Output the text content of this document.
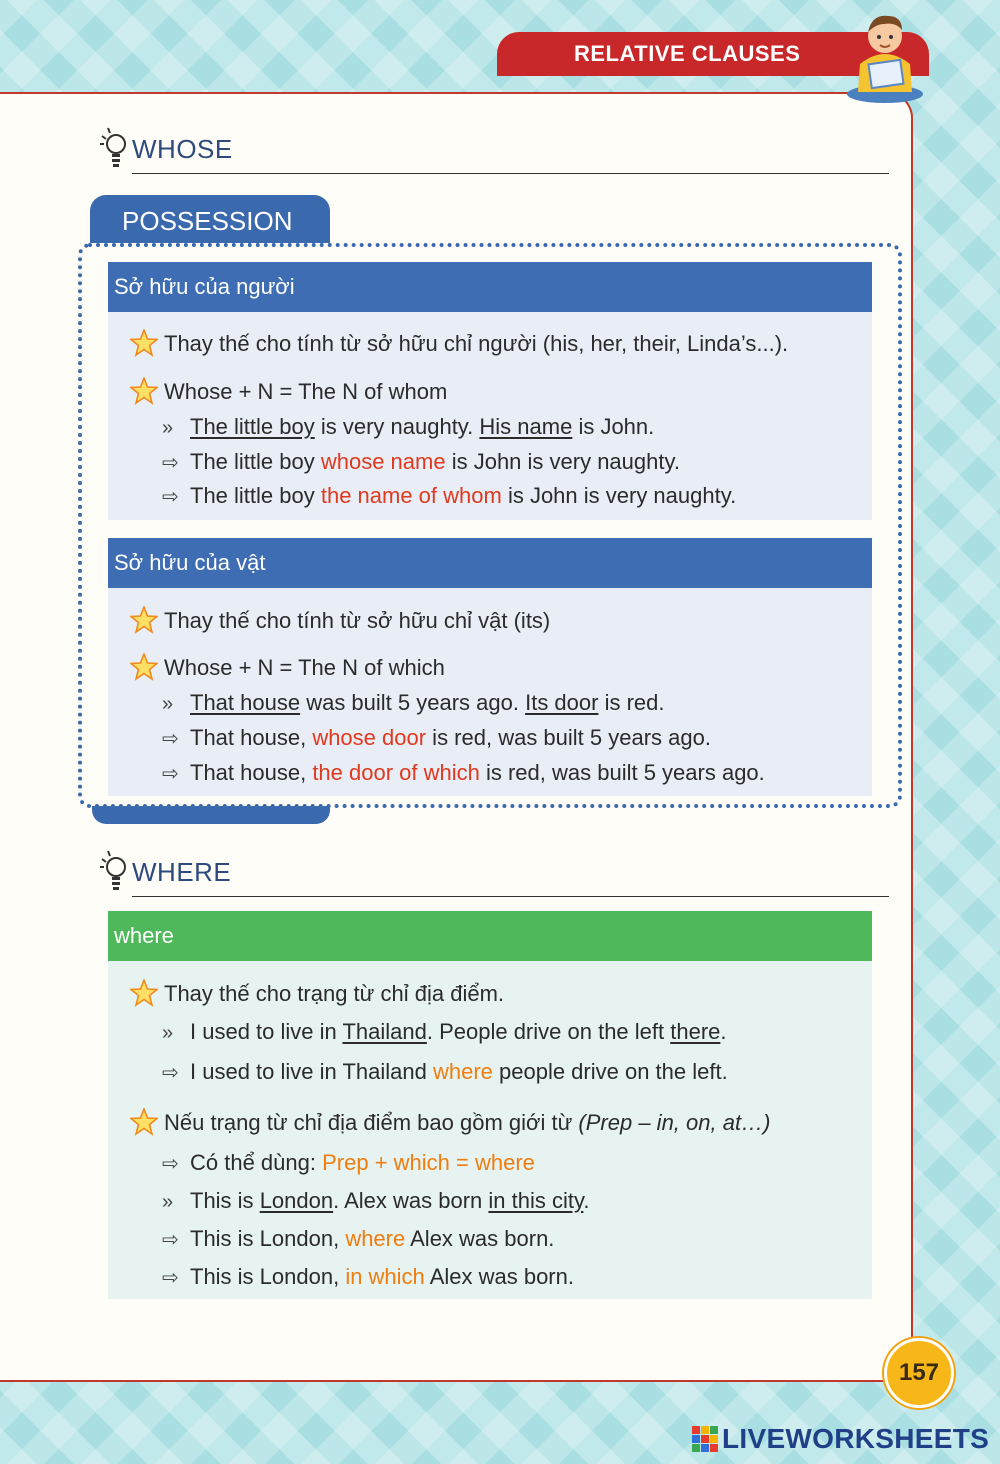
RELATIVE CLAUSES
WHOSE
POSSESSION
Sở hữu của người
Thay thế cho tính từ sở hữu chỉ người (his, her, their, Linda’s...).
Whose + N = The N of whom
» The little boy is very naughty. His name is John.
⇨ The little boy whose name is John is very naughty.
⇨ The little boy the name of whom is John is very naughty.
Sở hữu của vật
Thay thế cho tính từ sở hữu chỉ vật (its)
Whose + N = The N of which
» That house was built 5 years ago. Its door is red.
⇨ That house, whose door is red, was built 5 years ago.
⇨ That house, the door of which is red, was built 5 years ago.
WHERE
where
Thay thế cho trạng từ chỉ địa điểm.
» I used to live in Thailand. People drive on the left there.
⇨ I used to live in Thailand where people drive on the left.
Nếu trạng từ chỉ địa điểm bao gồm giới từ (Prep – in, on, at…)
⇨ Có thể dùng: Prep + which = where
» This is London. Alex was born in this city.
⇨ This is London, where Alex was born.
⇨ This is London, in which Alex was born.
157
LIVEWORKSHEETS
